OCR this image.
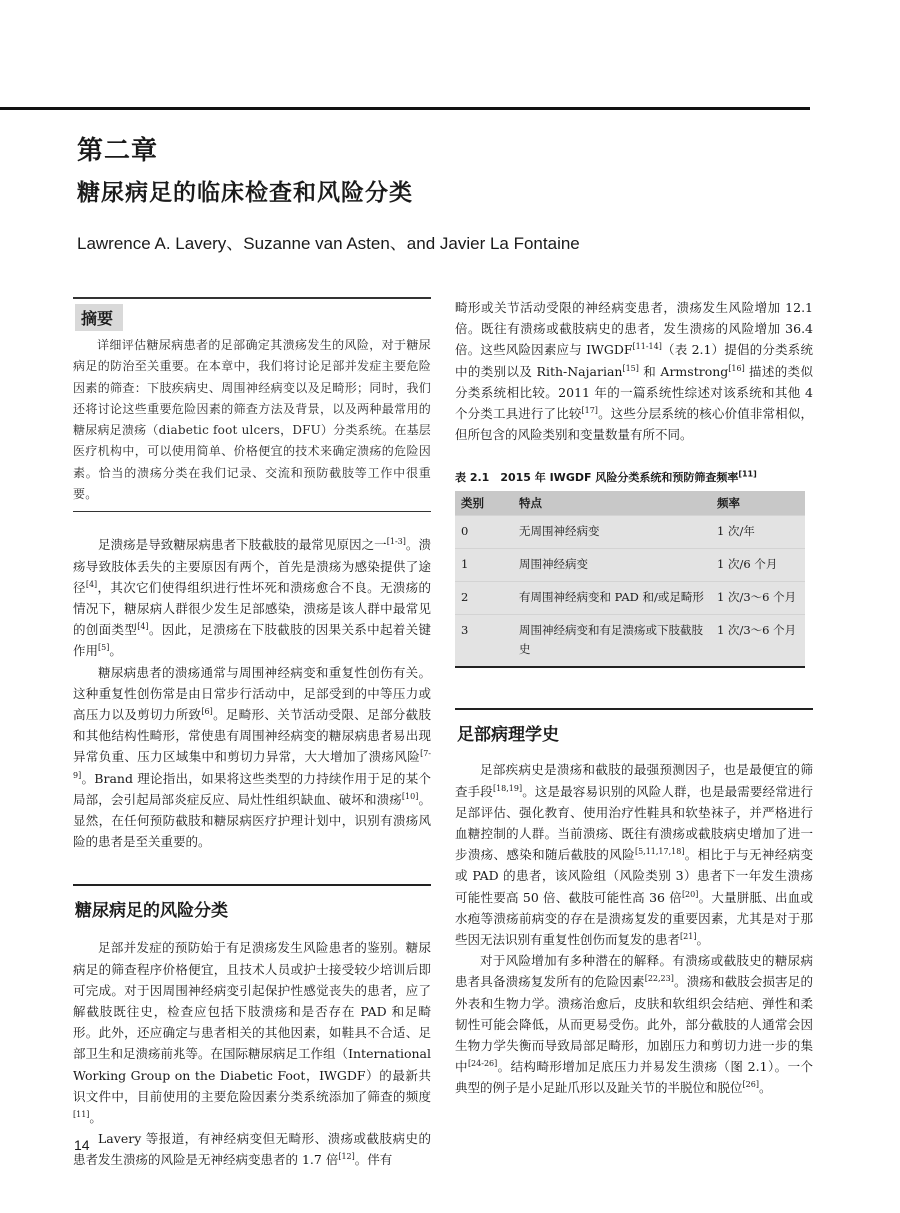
第二章
糖尿病足的临床检查和风险分类
Lawrence A. Lavery、Suzanne van Asten、and Javier La Fontaine
摘要

详细评估糖尿病患者的足部确定其溃疡发生的风险，对于糖尿病足的防治至关重要。在本章中，我们将讨论足部并发症主要危险因素的筛查：下肢疾病史、周围神经病变以及足畸形；同时，我们还将讨论这些重要危险因素的筛查方法及背景，以及两种最常用的糖尿病足溃疡（diabetic foot ulcers，DFU）分类系统。在基层医疗机构中，可以使用简单、价格便宜的技术来确定溃疡的危险因素。恰当的溃疡分类在我们记录、交流和预防截肢等工作中很重要。

足溃疡是导致糖尿病患者下肢截肢的最常见原因之一[1-3]。溃疡导致肢体丢失的主要原因有两个，首先是溃疡为感染提供了途径[4]，其次它们使得组织进行性坏死和溃疡愈合不良。无溃疡的情况下，糖尿病人群很少发生足部感染，溃疡是该人群中最常见的创面类型[4]。因此，足溃疡在下肢截肢的因果关系中起着关键作用[5]。

糖尿病患者的溃疡通常与周围神经病变和重复性创伤有关。这种重复性创伤常是由日常步行活动中，足部受到的中等压力或高压力以及剪切力所致[6]。足畸形、关节活动受限、足部分截肢和其他结构性畸形，常使患有周围神经病变的糖尿病患者易出现异常负重、压力区域集中和剪切力异常，大大增加了溃疡风险[7-9]。Brand 理论指出，如果将这些类型的力持续作用于足的某个局部，会引起局部炎症反应、局灶性组织缺血、破坏和溃疡[10]。显然，在任何预防截肢和糖尿病医疗护理计划中，识别有溃疡风险的患者是至关重要的。

糖尿病足的风险分类

足部并发症的预防始于有足溃疡发生风险患者的鉴别。糖尿病足的筛查程序价格便宜，且技术人员或护士接受较少培训后即可完成。对于因周围神经病变引起保护性感觉丧失的患者，应了解截肢既往史，检查应包括下肢溃疡和是否存在 PAD 和足畸形。此外，还应确定与患者相关的其他因素，如鞋具不合适、足部卫生和足溃疡前兆等。在国际糖尿病足工作组（International Working Group on the Diabetic Foot，IWGDF）的最新共识文件中，目前使用的主要危险因素分类系统添加了筛查的频度[11]。

Lavery 等报道，有神经病变但无畸形、溃疡或截肢病史的患者发生溃疡的风险是无神经病变患者的 1.7 倍[12]。伴有

畸形或关节活动受限的神经病变患者，溃疡发生风险增加 12.1 倍。既往有溃疡或截肢病史的患者，发生溃疡的风险增加 36.4 倍。这些风险因素应与 IWGDF[11-14]（表 2.1）提倡的分类系统中的类别以及 Rith-Najarian[15] 和 Armstrong[16] 描述的类似分类系统相比较。2011 年的一篇系统性综述对该系统和其他 4 个分类工具进行了比较[17]。这些分层系统的核心价值非常相似，但所包含的风险类别和变量数量有所不同。

表 2.1　2015 年 IWGDF 风险分类系统和预防筛查频率[11]
类别	特点	频率
0	无周围神经病变	1 次/年
1	周围神经病变	1 次/6 个月
2	有周围神经病变和 PAD 和/或足畸形	1 次/3～6 个月
3	周围神经病变和有足溃疡或下肢截肢史	1 次/3～6 个月
足部病理学史

足部疾病史是溃疡和截肢的最强预测因子，也是最便宜的筛查手段[18,19]。这是最容易识别的风险人群，也是最需要经常进行足部评估、强化教育、使用治疗性鞋具和软垫袜子，并严格进行血糖控制的人群。当前溃疡、既往有溃疡或截肢病史增加了进一步溃疡、感染和随后截肢的风险[5,11,17,18]。相比于与无神经病变或 PAD 的患者，该风险组（风险类别 3）患者下一年发生溃疡可能性要高 50 倍、截肢可能性高 36 倍[20]。大量胼胝、出血或水疱等溃疡前病变的存在是溃疡复发的重要因素，尤其是对于那些因无法识别有重复性创伤而复发的患者[21]。

对于风险增加有多种潜在的解释。有溃疡或截肢史的糖尿病患者具备溃疡复发所有的危险因素[22,23]。溃疡和截肢会损害足的外表和生物力学。溃疡治愈后，皮肤和软组织会结疤、弹性和柔韧性可能会降低，从而更易受伤。此外，部分截肢的人通常会因生物力学失衡而导致局部足畸形，加剧压力和剪切力进一步的集中[24-26]。结构畸形增加足底压力并易发生溃疡（图 2.1）。一个典型的例子是小足趾爪形以及趾关节的半脱位和脱位[26]。

14
